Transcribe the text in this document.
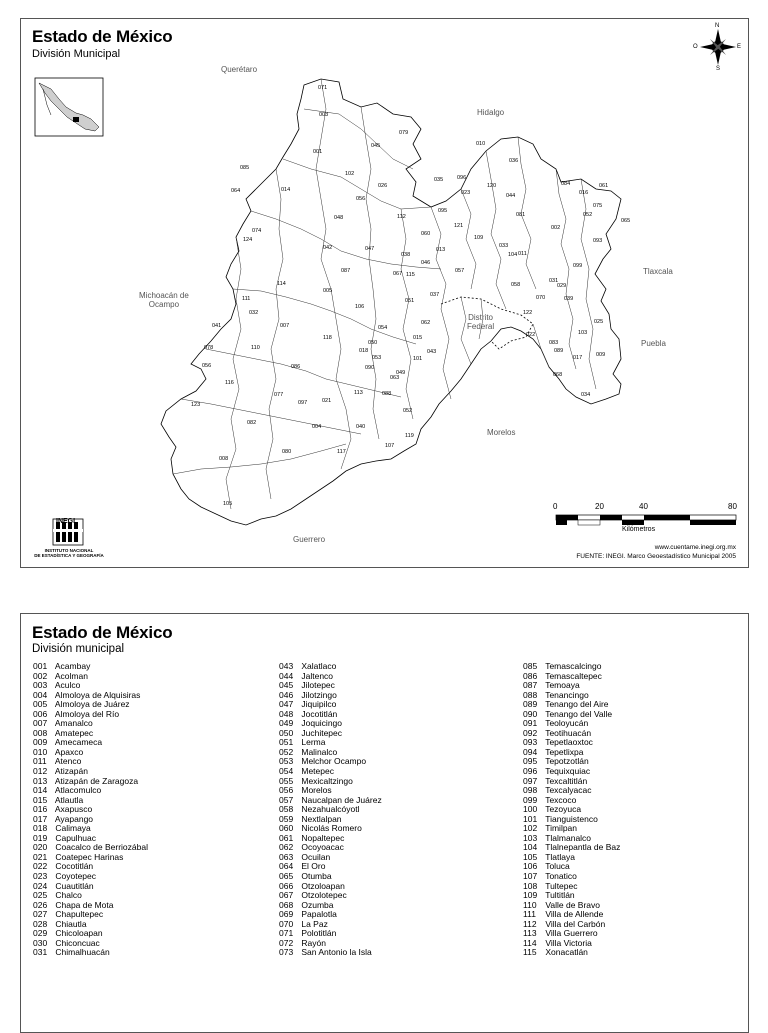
071
003
079
045
001
010
036
085
102
026
096
035
120	084	061
064	014
056
023	044	016
075
052
065
048	112
095
121
081
002
074
124
042	047
038
060
013
109
033
104 011
093
099
114
087	067 115
046
057
058
031
029
005
037	070	039
111
106
051
122
025
032
007	054
062
022	103
041
118	015
050
053
043
083
078	110	018	089
009
056
101
116
086	090
049
017
068
063
077	113	088
123	097	021
052
034
082
004	040
107
119
008
080	117
105
Estado de México
División Municipal
Querétaro
Hidalgo
Tlaxcala
Michoacán de
Ocampo
Distrito
Federal
Puebla
Morelos
Guerrero
N
S
E
O
0	20	40	80
Kilómetros
www.cuentame.inegi.org.mx
FUENTE: INEGI. Marco Geoestadístico Municipal 2005
INSTITUTO NACIONAL
DE ESTADÍSTICA Y GEOGRAFÍA
INEGI
Estado de México
División municipal
001 Acambay
002 Acolman
003 Aculco
004 Almoloya de Alquisiras
005 Almoloya de Juárez
006 Almoloya del Río
007 Amanalco
008 Amatepec
009 Amecameca
010 Apaxco
011 Atenco
012 Atizapán
013 Atizapán de Zaragoza
014 Atlacomulco
015 Atlautla
016 Axapusco
017 Ayapango
018 Calimaya
019 Capulhuac
020 Coacalco de Berriozábal
021 Coatepec Harinas
022 Cocotitlán
023 Coyotepec
024 Cuautitlán
025 Chalco
026 Chapa de Mota
027 Chapultepec
028 Chiautla
029 Chicoloapan
030 Chiconcuac
031 Chimalhuacán
043 Xalatlaco
044 Jaltenco
045 Jilotepec
046 Jilotzingo
047 Jiquipilco
048 Jocotitlán
049 Joquicingo
050 Juchitepec
051 Lerma
052 Malinalco
053 Melchor Ocampo
054 Metepec
055 Mexicaltzingo
056 Morelos
057 Naucalpan de Juárez
058 Nezahualcóyotl
059 Nextlalpan
060 Nicolás Romero
061 Nopaltepec
062 Ocoyoacac
063 Ocuilan
064 El Oro
065 Otumba
066 Otzoloapan
067 Otzolotepec
068 Ozumba
069 Papalotla
070 La Paz
071 Polotitlán
072 Rayón
073 San Antonio la Isla
085 Temascalcingo
086 Temascaltepec
087 Temoaya
088 Tenancingo
089 Tenango del Aire
090 Tenango del Valle
091 Teoloyucán
092 Teotihuacán
093 Tepetlaoxtoc
094 Tepetlixpa
095 Tepotzotlán
096 Tequixquiac
097 Texcaltitlán
098 Texcalyacac
099 Texcoco
100 Tezoyuca
101 Tianguistenco
102 Timilpan
103 Tlalmanalco
104 Tlalnepantla de Baz
105 Tlatlaya
106 Toluca
107 Tonatico
108 Tultepec
109 Tultitlán
110 Valle de Bravo
111 Villa de Allende
112 Villa del Carbón
113 Villa Guerrero
114 Villa Victoria
115 Xonacatlán
